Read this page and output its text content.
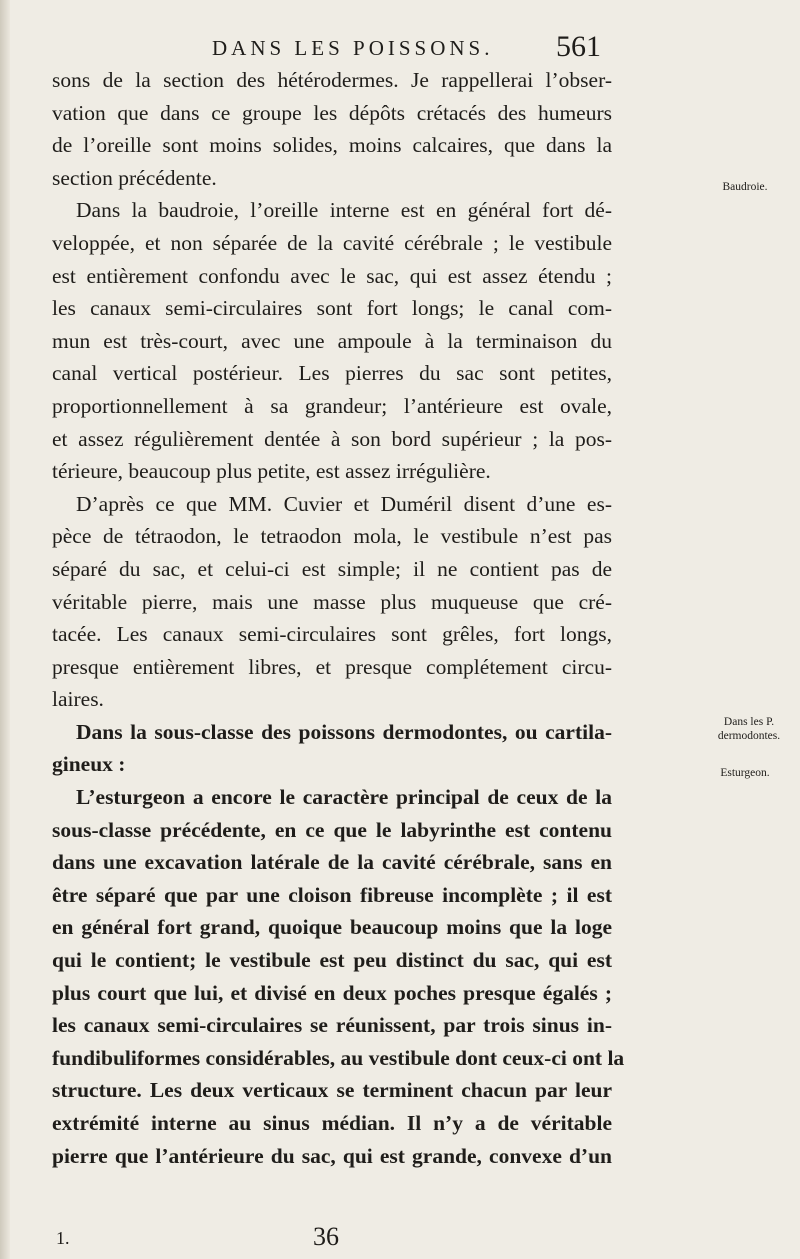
DANS LES POISSONS. 561
sons de la section des hétérodermes. Je rappellerai l’obser-
vation que dans ce groupe les dépôts crétacés des humeurs
de l’oreille sont moins solides, moins calcaires, que dans la
section précédente.
Dans la baudroie, l’oreille interne est en général fort dé-
veloppée, et non séparée de la cavité cérébrale ; le vestibule
est entièrement confondu avec le sac, qui est assez étendu ;
les canaux semi-circulaires sont fort longs; le canal com-
mun est très-court, avec une ampoule à la terminaison du
canal vertical postérieur. Les pierres du sac sont petites,
proportionnellement à sa grandeur; l’antérieure est ovale,
et assez régulièrement dentée à son bord supérieur ; la pos-
térieure, beaucoup plus petite, est assez irrégulière.
D’après ce que MM. Cuvier et Duméril disent d’une es-
pèce de tétraodon, le tetraodon mola, le vestibule n’est pas
séparé du sac, et celui-ci est simple; il ne contient pas de
véritable pierre, mais une masse plus muqueuse que cré-
tacée. Les canaux semi-circulaires sont grêles, fort longs,
presque entièrement libres, et presque complétement circu-
laires.
Dans la sous-classe des poissons dermodontes, ou cartila-
gineux :
L’esturgeon a encore le caractère principal de ceux de la
sous-classe précédente, en ce que le labyrinthe est contenu
dans une excavation latérale de la cavité cérébrale, sans en
être séparé que par une cloison fibreuse incomplète ; il est
en général fort grand, quoique beaucoup moins que la loge
qui le contient; le vestibule est peu distinct du sac, qui est
plus court que lui, et divisé en deux poches presque égalés ;
les canaux semi-circulaires se réunissent, par trois sinus in-
fundibuliformes considérables, au vestibule dont ceux-ci ont la
structure. Les deux verticaux se terminent chacun par leur
extrémité interne au sinus médian. Il n’y a de véritable
pierre que l’antérieure du sac, qui est grande, convexe d’un
Baudroie.
Dans les P. dermodontes.
Esturgeon.
1.	36
